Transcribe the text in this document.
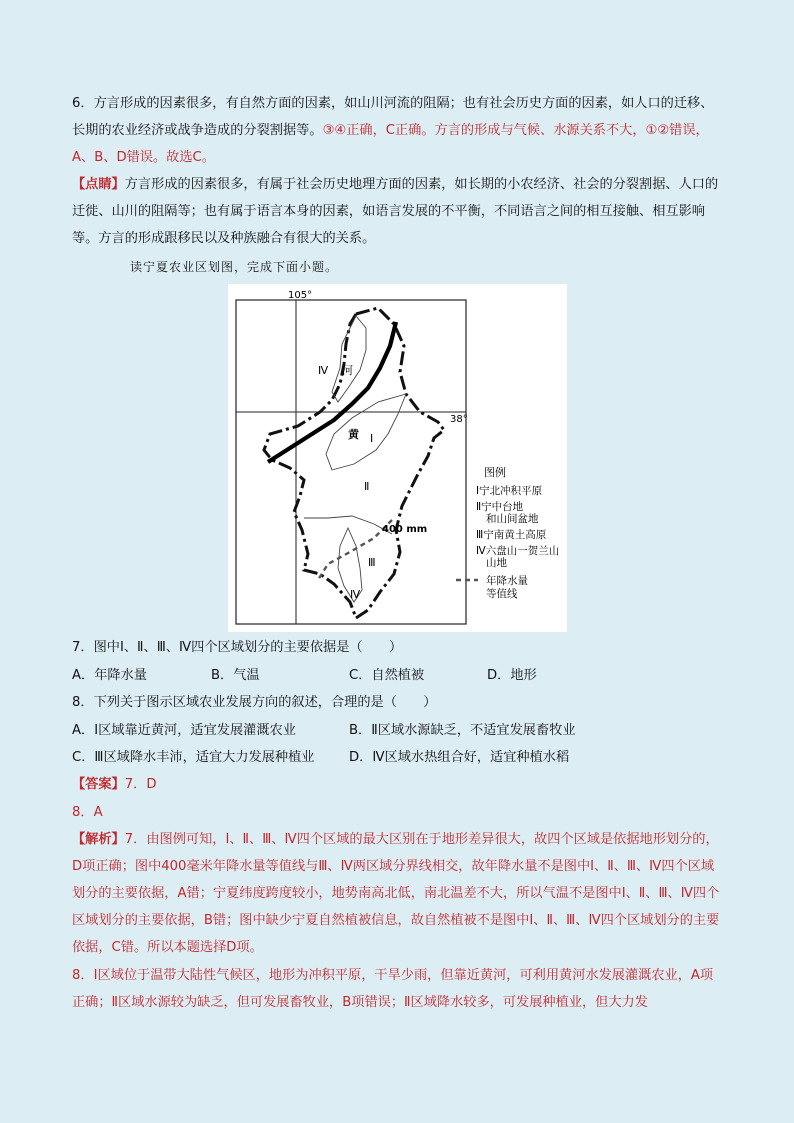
6．方言形成的因素很多，有自然方面的因素，如山川河流的阻隔；也有社会历史方面的因素，如人口的迁移、长期的农业经济或战争造成的分裂割据等。③④正确，C正确。方言的形成与气候、水源关系不大，①②错误，A、B、D错误。故选C。

【点睛】方言形成的因素很多，有属于社会历史地理方面的因素，如长期的小农经济、社会的分裂割据、人口的迁徙、山川的阻隔等；也有属于语言本身的因素，如语言发展的不平衡，不同语言之间的相互接触、相互影响等。方言的形成跟移民以及种族融合有很大的关系。

读宁夏农业区划图，完成下面小题。
105°
38°
400 mm
河
黄 Ⅰ
Ⅱ
Ⅲ
Ⅳ
Ⅳ
图例
Ⅰ宁北冲积平原
Ⅱ宁中台地
和山间盆地
Ⅲ宁南黄土高原
Ⅳ六盘山一贺兰山
山地
年降水量
等值线

7．图中Ⅰ、Ⅱ、Ⅲ、Ⅳ四个区域划分的主要依据是（　　）

A．年降水量	B．气温	C．自然植被	D．地形

8．下列关于图示区域农业发展方向的叙述，合理的是（　　）

A．Ⅰ区域靠近黄河，适宜发展灌溉农业	B．Ⅱ区域水源缺乏，不适宜发展畜牧业
C．Ⅲ区域降水丰沛，适宜大力发展种植业	D．Ⅳ区域水热组合好，适宜种植水稻

【答案】7．D

8．A

【解析】7．由图例可知，Ⅰ、Ⅱ、Ⅲ、Ⅳ四个区域的最大区别在于地形差异很大，故四个区域是依据地形划分的，D项正确；图中400毫米年降水量等值线与Ⅲ、Ⅳ两区域分界线相交，故年降水量不是图中Ⅰ、Ⅱ、Ⅲ、Ⅳ四个区域划分的主要依据，A错；宁夏纬度跨度较小，地势南高北低，南北温差不大，所以气温不是图中Ⅰ、Ⅱ、Ⅲ、Ⅳ四个区域划分的主要依据，B错；图中缺少宁夏自然植被信息，故自然植被不是图中Ⅰ、Ⅱ、Ⅲ、Ⅳ四个区域划分的主要依据，C错。所以本题选择D项。

8．Ⅰ区域位于温带大陆性气候区，地形为冲积平原，干旱少雨，但靠近黄河，可利用黄河水发展灌溉农业，A项正确；Ⅱ区域水源较为缺乏，但可发展畜牧业，B项错误；Ⅱ区域降水较多，可发展种植业，但大力发
